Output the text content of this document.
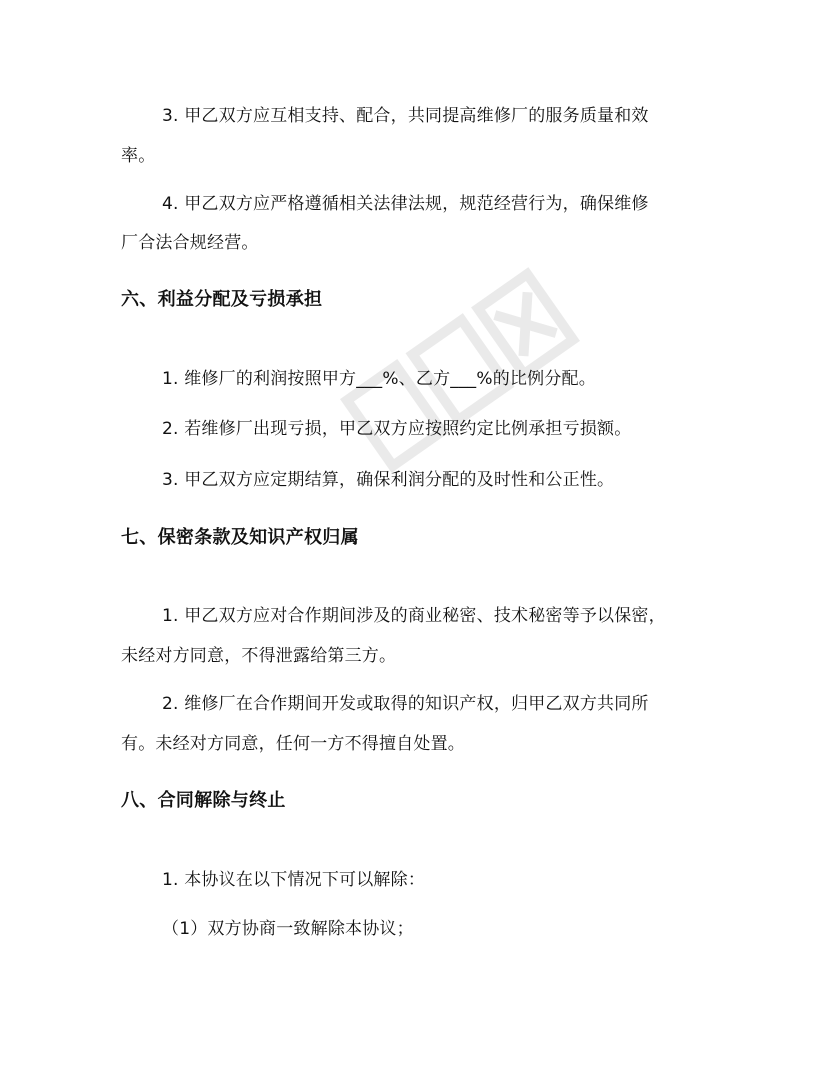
3. 甲乙双方应互相支持、配合，共同提高维修厂的服务质量和效
率。
4. 甲乙双方应严格遵循相关法律法规，规范经营行为，确保维修
厂合法合规经营。
六、利益分配及亏损承担
1. 维修厂的利润按照甲方___%、乙方___%的比例分配。
2. 若维修厂出现亏损，甲乙双方应按照约定比例承担亏损额。
3. 甲乙双方应定期结算，确保利润分配的及时性和公正性。
七、保密条款及知识产权归属
1. 甲乙双方应对合作期间涉及的商业秘密、技术秘密等予以保密，
未经对方同意，不得泄露给第三方。
2. 维修厂在合作期间开发或取得的知识产权，归甲乙双方共同所
有。未经对方同意，任何一方不得擅自处置。
八、合同解除与终止
1. 本协议在以下情况下可以解除：
（1）双方协商一致解除本协议；
